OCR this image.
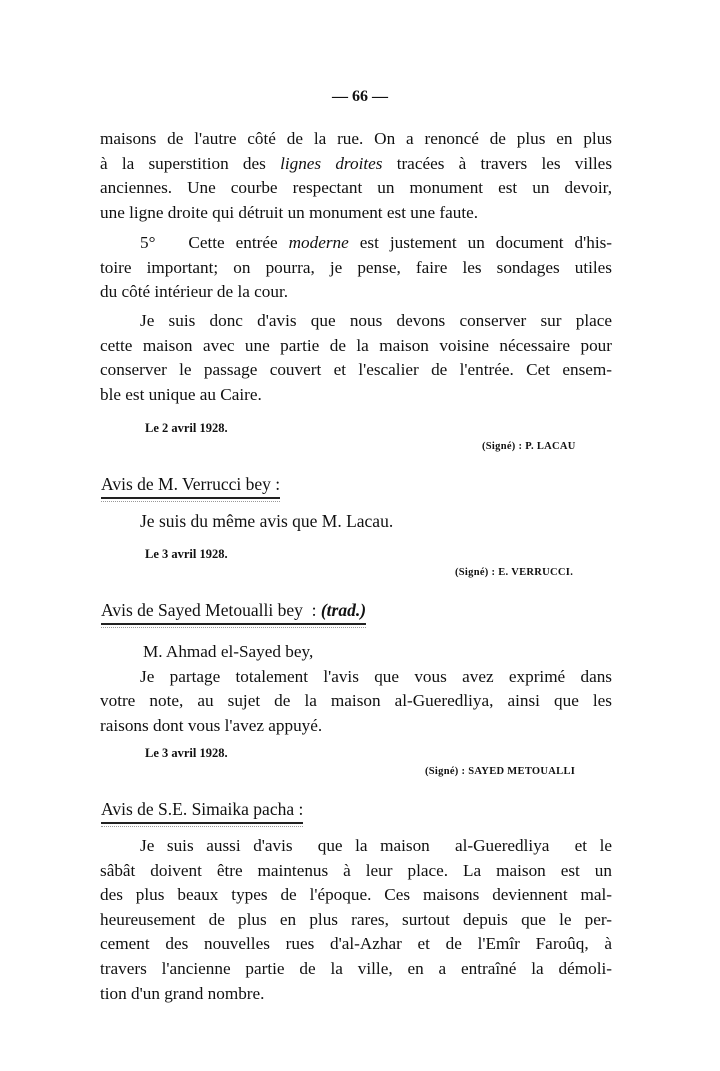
— 66 —
maisons de l'autre côté de la rue. On a renoncé de plus en plus
à la superstition des lignes droites tracées à travers les villes
anciennes. Une courbe respectant un monument est un devoir,
une ligne droite qui détruit un monument est une faute.
5°   Cette entrée moderne est justement un document d'his-
toire important; on pourra, je pense, faire les sondages utiles
du côté intérieur de la cour.
Je suis donc d'avis que nous devons conserver sur place
cette maison avec une partie de la maison voisine nécessaire pour
conserver le passage couvert et l'escalier de l'entrée. Cet ensem-
ble est unique au Caire.
Le 2 avril 1928.
(Signé) : P. LACAU
Avis de M. Verrucci bey :
Je suis du même avis que M. Lacau.
Le 3 avril 1928.
(Signé) : E. VERRUCCI.
Avis de Sayed Metoualli bey  : (trad.)
M. Ahmad el-Sayed bey,
Je partage totalement l'avis que vous avez exprimé dans
votre note, au sujet de la maison al-Gueredliya, ainsi que les
raisons dont vous l'avez appuyé.
Le 3 avril 1928.
(Signé) : SAYED METOUALLI
Avis de S.E. Simaika pacha :
Je suis aussi d'avis  que la maison  al-Gueredliya  et le
sâbât doivent être maintenus à leur place. La maison est un
des plus beaux types de l'époque. Ces maisons deviennent mal-
heureusement de plus en plus rares, surtout depuis que le per-
cement des nouvelles rues d'al-Azhar et de l'Emîr Faroûq, à
travers l'ancienne partie de la ville, en a entraîné la démoli-
tion d'un grand nombre.
